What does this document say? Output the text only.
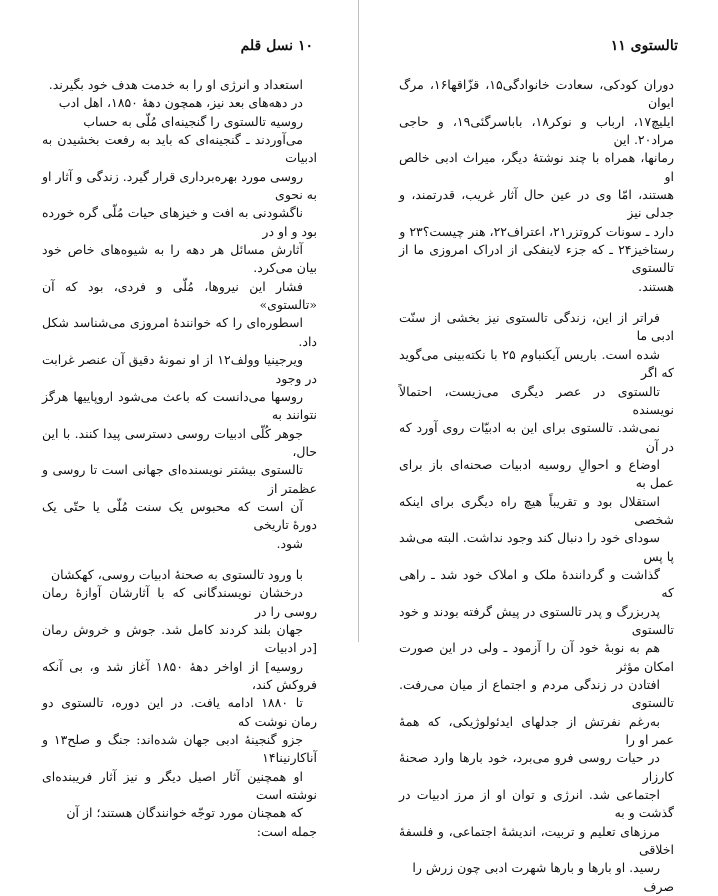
۱۰ نسل قلم

استعداد و انرژی او را به خدمت هدف خود بگیرند.

در دهه‌های بعد نیز، همچون دههٔ ۱۸۵۰، اهل ادب
روسیه تالستوی را گنجینه‌ای مُلّی به حساب
می‌آوردند ـ گنجینه‌ای که باید به رفعت بخشیدن به ادبیات
روسی مورد بهره‌برداری قرار گیرد. زندگی و آثار او به نحوی
ناگشودنی به افت و خیزهای حیات مُلّی گره خورده بود و او در
آثارش مسائل هر دهه را به شیوه‌های خاص خود بیان می‌کرد.
فشار این نیروها، مُلّی و فردی، بود که آن «تالستوی»
اسطوره‌ای را که خوانندهٔ امروزی می‌شناسد شکل داد.
ویرجینیا وولف۱۲ از او نمونهٔ دقیق آن عنصر غرابت در وجود
روسها می‌دانست که باعث می‌شود اروپاییها هرگز نتوانند به
جوهر کُلّی ادبیات روسی دسترسی پیدا کنند. با این حال،
تالستوی بیشتر نویسنده‌ای جهانی است تا روسی و عظمتر از
آن است که محبوس یک سنت مُلّی یا حتّی یک دورهٔ تاریخی
شود.

با ورود تالستوی به صحنهٔ ادبیات روسی، کهکشان
درخشان نویسندگانی که با آثارشان آوازهٔ رمان روسی را در
جهان بلند کردند کامل شد. جوش و خروش رمان [در ادبیات
روسیه] از اواخر دههٔ ۱۸۵۰ آغاز شد و، بی آنکه فروکش کند،
تا ۱۸۸۰ ادامه یافت. در این دوره، تالستوی دو رمان نوشت که
جزو گنجینهٔ ادبی جهان شده‌اند: جنگ و صلح۱۳ و آناکارنینا۱۴
او همچنین آثار اصیل دیگر و نیز آثار فریبنده‌ای نوشته است
که همچنان مورد توجّه خوانندگان هستند؛ از آن جمله است:

تالستوی ۱۱

دوران کودکی، سعادت خانوادگی۱۵، قزّاقها۱۶، مرگ ایوان
ایلیچ۱۷، ارباب و نوکر۱۸، باباسرگئی۱۹، و حاجی مراد۲۰. این
رمانها، همراه با چند نوشتهٔ دیگر، میراث ادبی خالص او
هستند، امّا وی در عین حال آثار غریب، قدرتمند، و جدلی نیز
دارد ـ سونات کروتزر۲۱، اعتراف۲۲، هنر چیست؟۲۳ و
رستاخیز۲۴ ـ که جزء لاینفکی از ادراک امروزی ما از تالستوی
هستند.

فراتر از این، زندگی تالستوی نیز بخشی از سنّت ادبی ما
شده است. باریس آیکنباوم ۲۵ با نکته‌بینی می‌گوید که اگر
تالستوی در عصر دیگری می‌زیست، احتمالاً نویسنده
نمی‌شد. تالستوی برای این به ادبیّات روی آورد که در آن
اوضاع و احوالِ روسیه ادبیات صحنه‌ای باز برای عمل به
استقلال بود و تقریباً هیچ راه دیگری برای اینکه شخصی
سودای خود را دنبال کند وجود نداشت. البته می‌شد پا پس
گذاشت و گردانندهٔ ملک و املاک خود شد ـ راهی که
پدربزرگ و پدر تالستوی در پیش گرفته بودند و خود تالستوی
هم به نوبهٔ خود آن را آزمود ـ ولی در این صورت امکان مؤثر
افتادن در زندگی مردم و اجتماع از میان می‌رفت. تالستوی
به‌رغم نفرتش از جدلهای ایدئولوژیکی، که همهٔ عمر او را
در حیات روسی فرو می‌برد، خود بارها وارد صحنهٔ کارزار
اجتماعی شد. انرژی و توان او از مرز ادبیات در گذشت و به
مرزهای تعلیم و تربیت، اندیشهٔ اجتماعی، و فلسفهٔ اخلاقی
رسید. او بارها و بارها شهرت ادبی چون زرش را صرف
